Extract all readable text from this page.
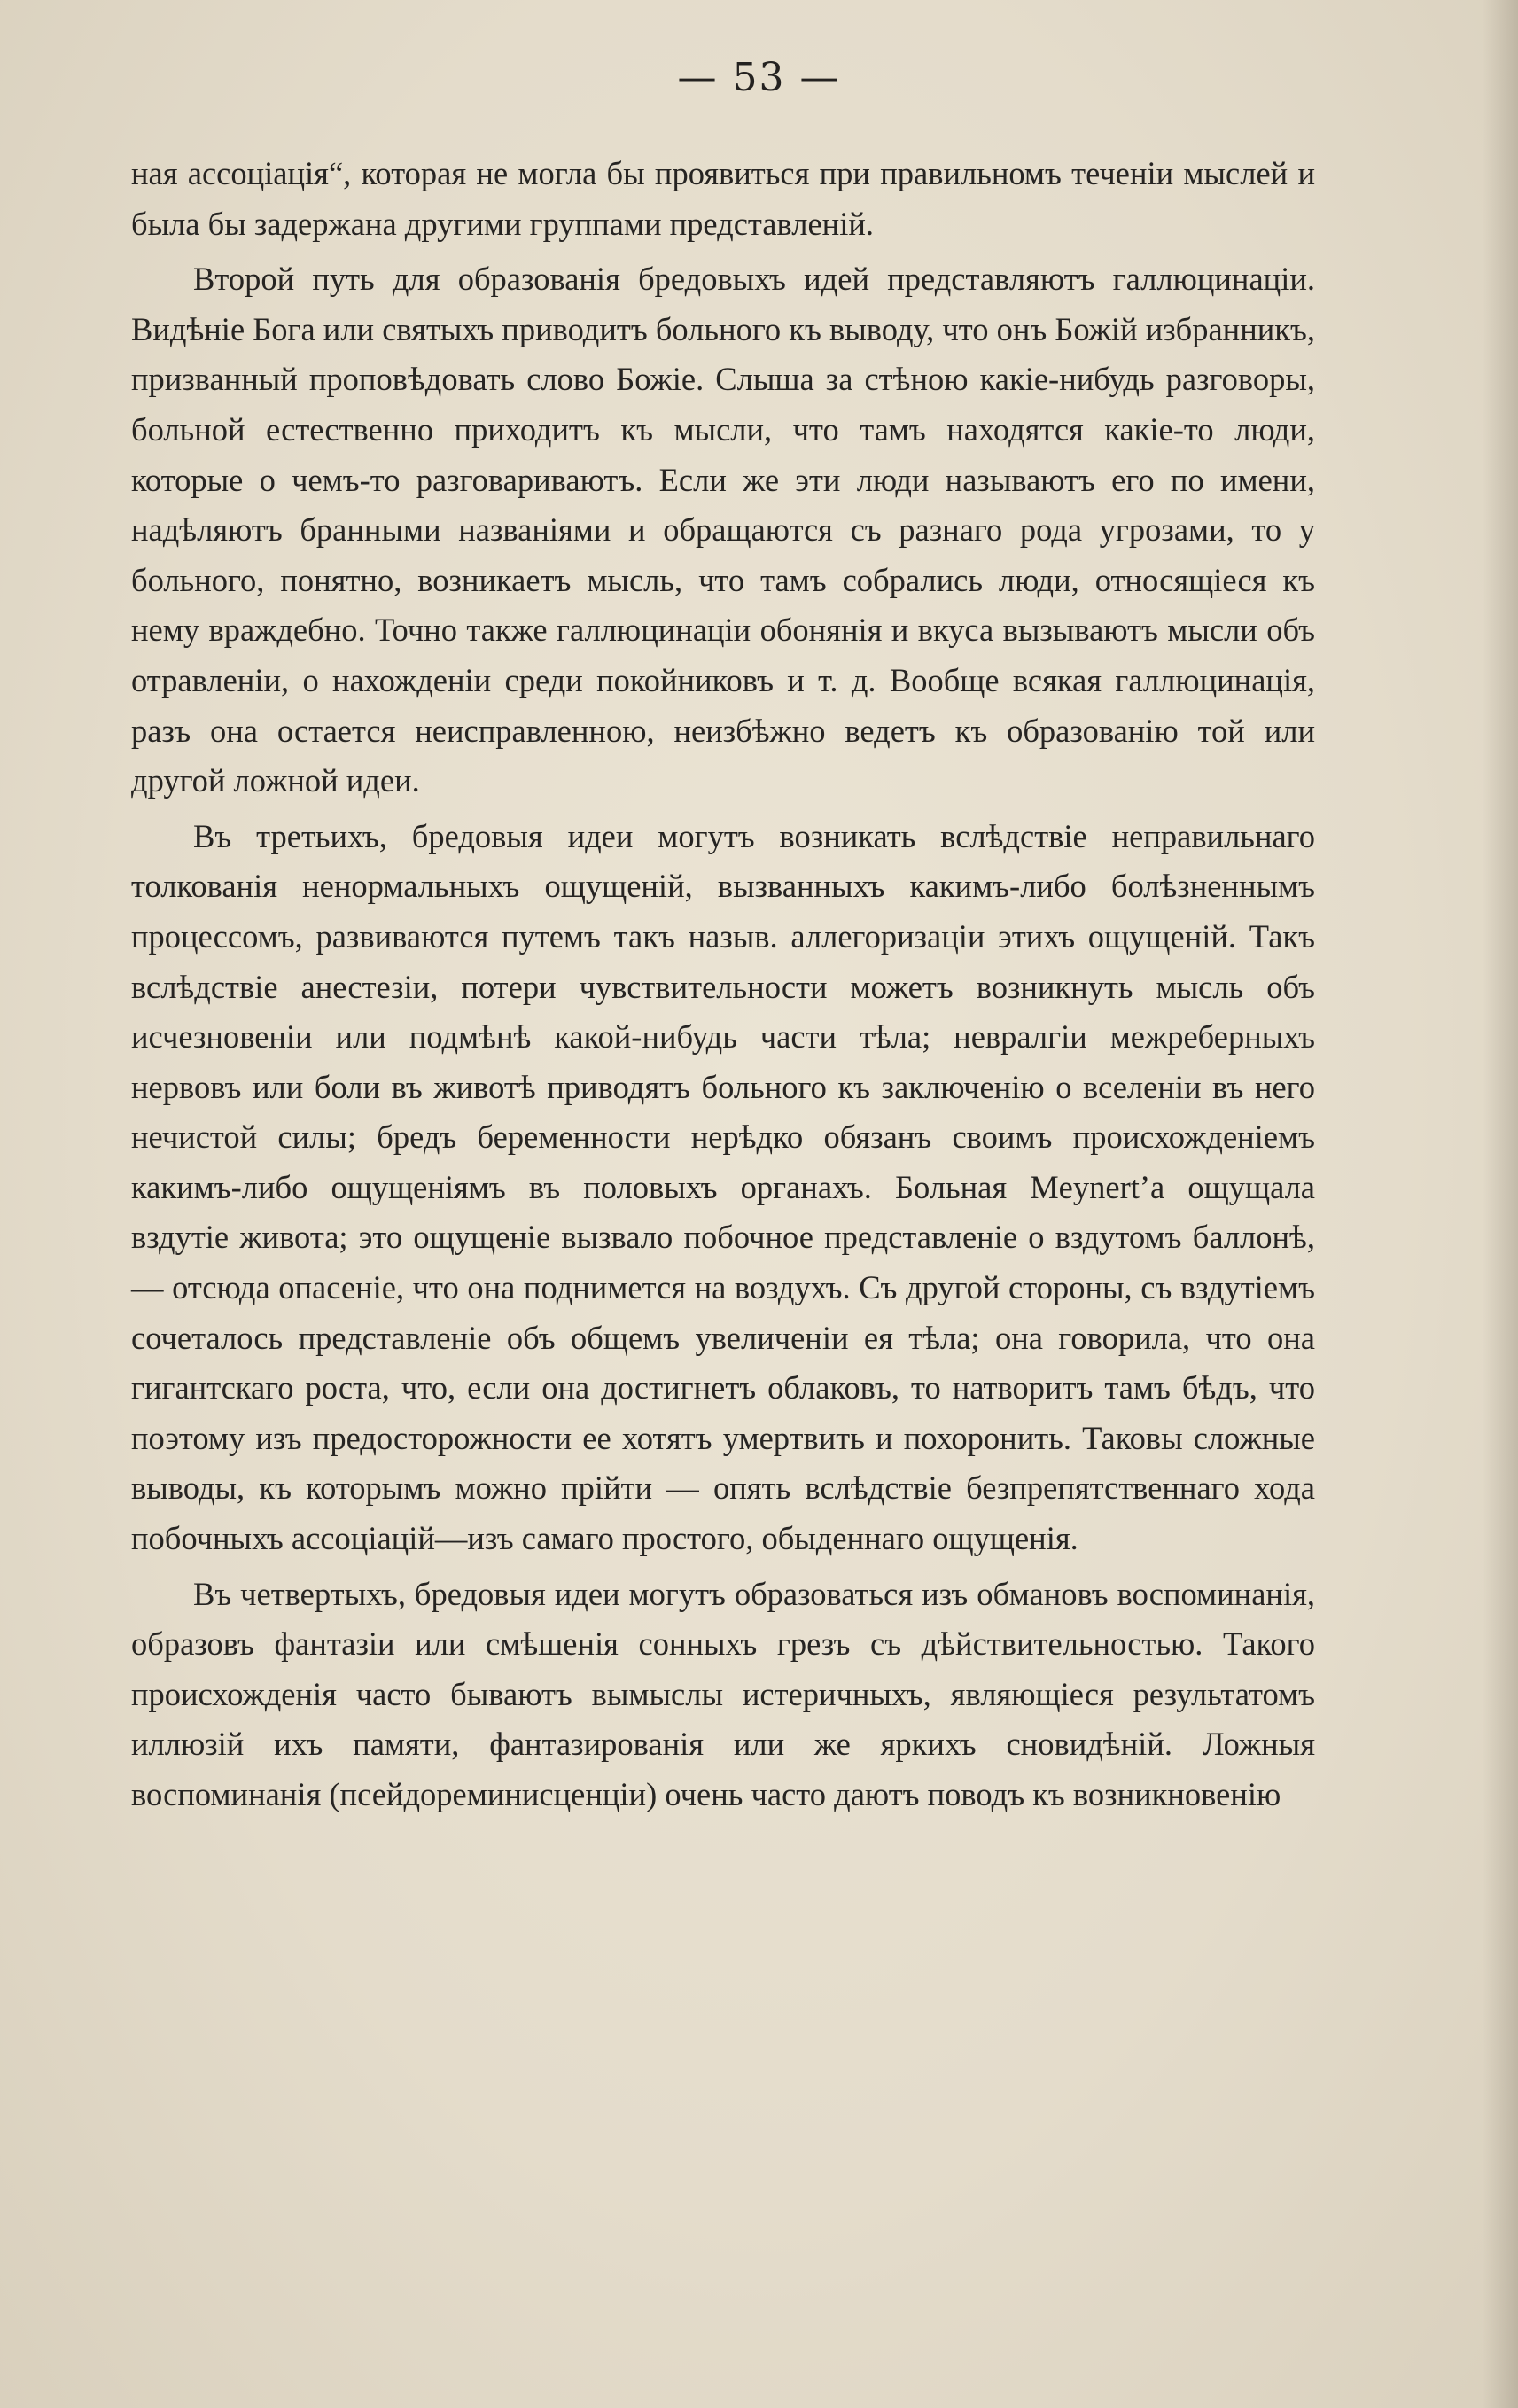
— 53 —

ная ассоціація“, которая не могла бы проявиться при правильномъ теченіи мыслей и была бы задержана другими группами представленій.

Второй путь для образованія бредовыхъ идей представляютъ галлюцинаціи. Видѣніе Бога или святыхъ приводитъ больного къ выводу, что онъ Божій избранникъ, призванный проповѣдовать слово Божіе. Слыша за стѣною какіе-нибудь разговоры, больной естественно приходитъ къ мысли, что тамъ находятся какіе-то люди, которые о чемъ-то разговариваютъ. Если же эти люди называютъ его по имени, надѣляютъ бранными названіями и обращаются съ разнаго рода угрозами, то у больного, понятно, возникаетъ мысль, что тамъ собрались люди, относящіеся къ нему враждебно. Точно также галлюцинаціи обонянія и вкуса вызываютъ мысли объ отравленіи, о нахожденіи среди покойниковъ и т. д. Вообще всякая галлюцинація, разъ она остается неисправленною, неизбѣжно ведетъ къ образованію той или другой ложной идеи.

Въ третьихъ, бредовыя идеи могутъ возникать вслѣдствіе неправильнаго толкованія ненормальныхъ ощущеній, вызванныхъ какимъ-либо болѣзненнымъ процессомъ, развиваются путемъ такъ назыв. аллегоризаціи этихъ ощущеній. Такъ вслѣдствіе анестезіи, потери чувствительности можетъ возникнуть мысль объ исчезновеніи или подмѣнѣ какой-нибудь части тѣла; невралгіи межреберныхъ нервовъ или боли въ животѣ приводятъ больного къ заключенію о вселеніи въ него нечистой силы; бредъ беременности нерѣдко обязанъ своимъ происхожденіемъ какимъ-либо ощущеніямъ въ половыхъ органахъ. Больная Meynert’а ощущала вздутіе живота; это ощущеніе вызвало побочное представленіе о вздутомъ баллонѣ,— отсюда опасеніе, что она поднимется на воздухъ. Съ другой стороны, съ вздутіемъ сочеталось представленіе объ общемъ увеличеніи ея тѣла; она говорила, что она гигантскаго роста, что, если она достигнетъ облаковъ, то натворитъ тамъ бѣдъ, что поэтому изъ предосторожности ее хотятъ умертвить и похоронить. Таковы сложные выводы, къ которымъ можно прійти — опять вслѣдствіе безпрепятственнаго хода побочныхъ ассоціацій—изъ самаго простого, обыденнаго ощущенія.

Въ четвертыхъ, бредовыя идеи могутъ образоваться изъ обмановъ воспоминанія, образовъ фантазіи или смѣшенія сонныхъ грезъ съ дѣйствительностью. Такого происхожденія часто бываютъ вымыслы истеричныхъ, являющіеся результатомъ иллюзій ихъ памяти, фантазированія или же яркихъ сновидѣній. Ложныя воспоминанія (псейдореминисценціи) очень часто даютъ поводъ къ возникновенію
